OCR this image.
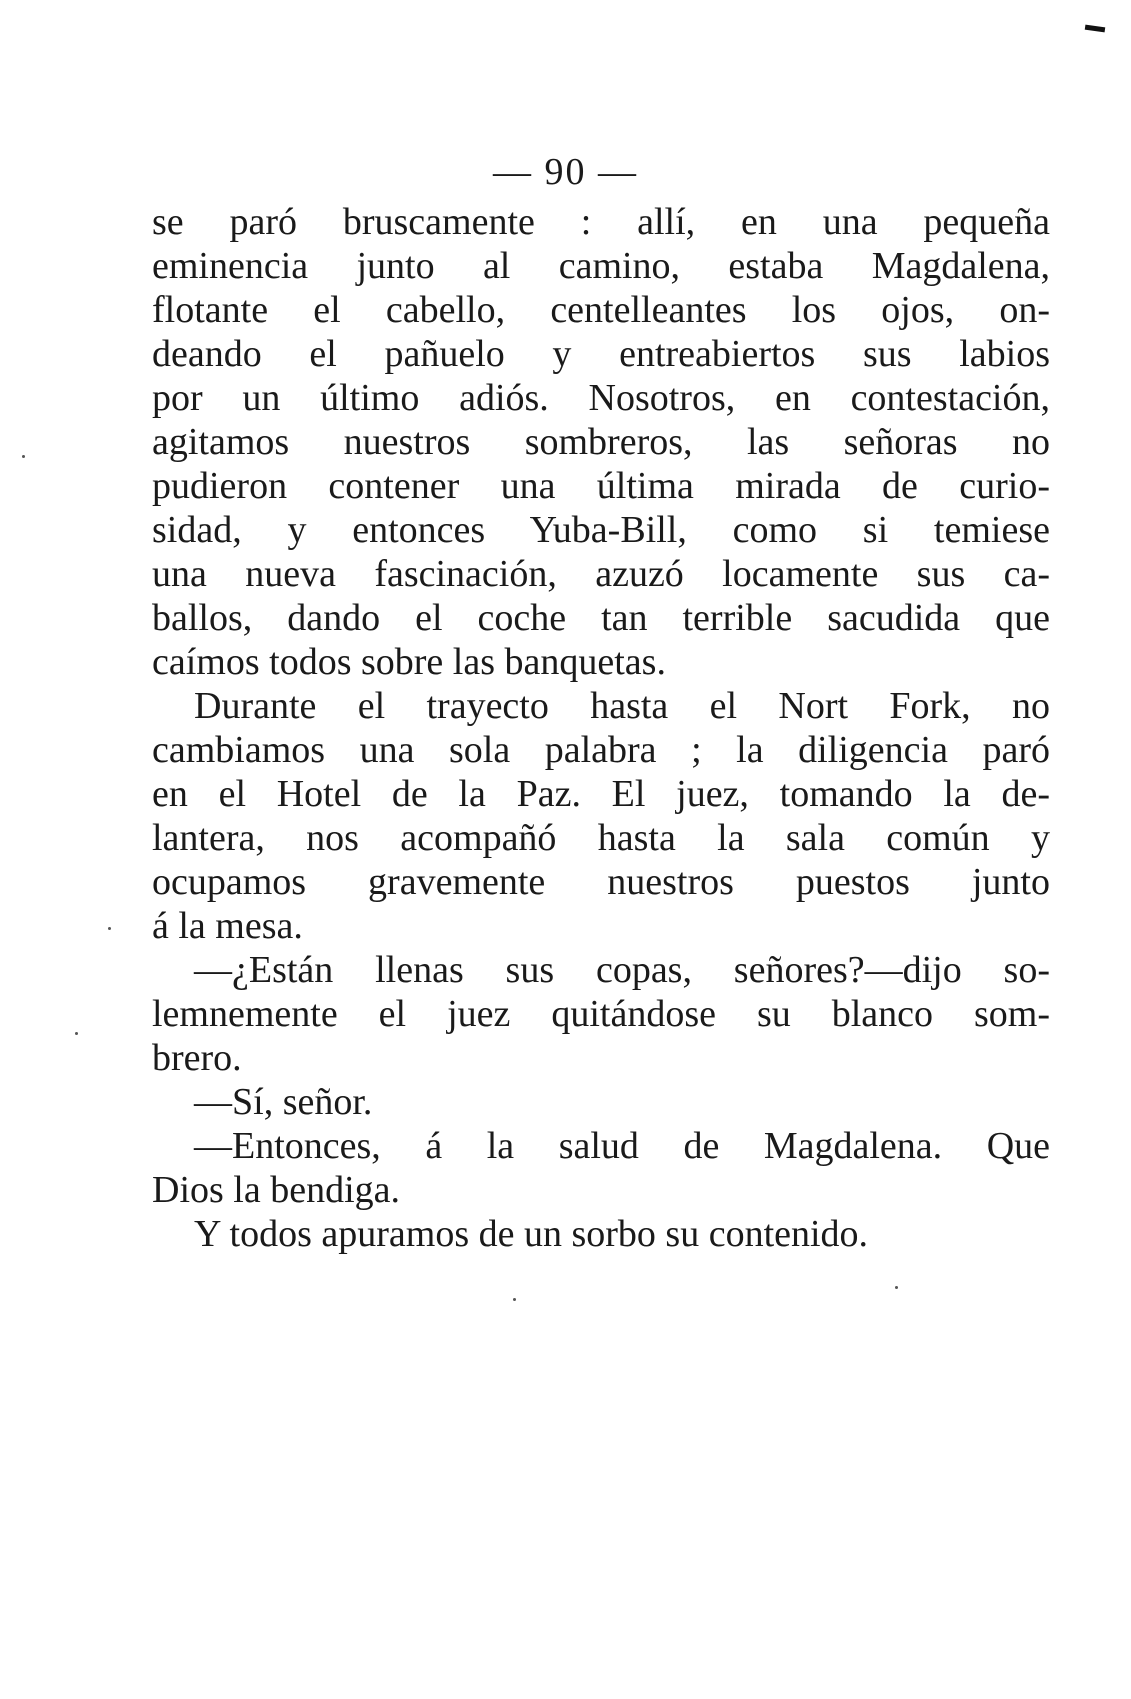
— 90 —
se paró bruscamente : allí, en una pequeña
eminencia junto al camino, estaba Magdalena,
flotante el cabello, centelleantes los ojos, on-
deando el pañuelo y entreabiertos sus labios
por un último adiós. Nosotros, en contestación,
agitamos nuestros sombreros, las señoras no
pudieron contener una última mirada de curio-
sidad, y entonces Yuba-Bill, como si temiese
una nueva fascinación, azuzó locamente sus ca-
ballos, dando el coche tan terrible sacudida que
caímos todos sobre las banquetas.
Durante el trayecto hasta el Nort Fork, no
cambiamos una sola palabra ; la diligencia paró
en el Hotel de la Paz. El juez, tomando la de-
lantera, nos acompañó hasta la sala común y
ocupamos gravemente nuestros puestos junto
á la mesa.
—¿Están llenas sus copas, señores?—dijo so-
lemnemente el juez quitándose su blanco som-
brero.
—Sí, señor.
—Entonces, á la salud de Magdalena. Que
Dios la bendiga.
Y todos apuramos de un sorbo su contenido.
